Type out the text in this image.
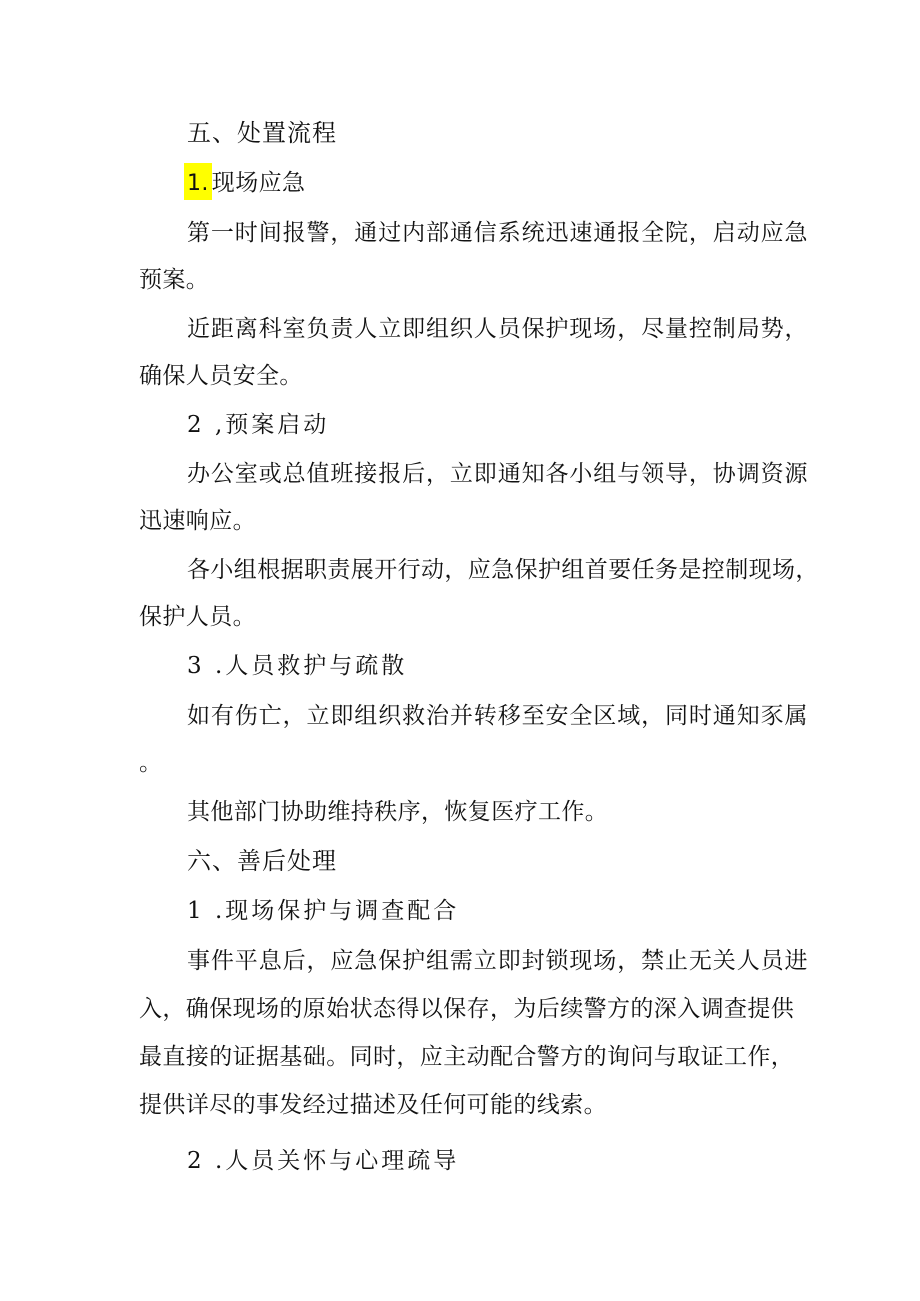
五、处置流程
1. 现场应急
第一时间报警，通过内部通信系统迅速通报全院，启动应急
预案。
近距离科室负责人立即组织人员保护现场，尽量控制局势，
确保人员安全。
2 ,预案启动
办公室或总值班接报后，立即通知各小组与领导，协调资源
迅速响应。
各小组根据职责展开行动，应急保护组首要任务是控制现场，
保护人员。
3 .人员救护与疏散
如有伤亡，立即组织救治并转移至安全区域，同时通知豕属
。
其他部门协助维持秩序，恢复医疗工作。
六、善后处理
1 .现场保护与调查配合
事件平息后，应急保护组需立即封锁现场，禁止无关人员进
入，确保现场的原始状态得以保存，为后续警方的深入调查提供
最直接的证据基础。同时，应主动配合警方的询问与取证工作，
提供详尽的事发经过描述及任何可能的线索。
2 .人员关怀与心理疏导
